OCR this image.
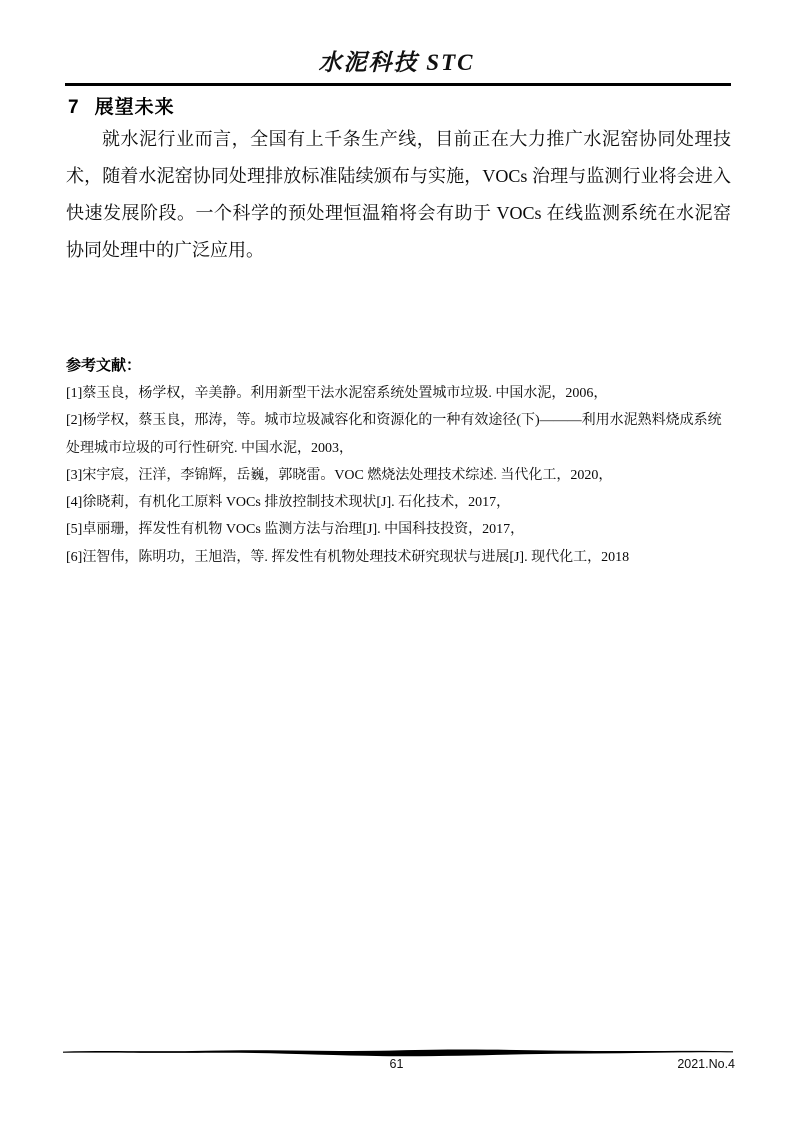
水泥科技 STC
7 展望未来
就水泥行业而言，全国有上千条生产线，目前正在大力推广水泥窑协同处理技术，随着水泥窑协同处理排放标准陆续颁布与实施，VOCs 治理与监测行业将会进入快速发展阶段。一个科学的预处理恒温箱将会有助于 VOCs 在线监测系统在水泥窑协同处理中的广泛应用。
参考文献：
[1]蔡玉良，杨学权，辛美静。利用新型干法水泥窑系统处置城市垃圾. 中国水泥，2006，
[2]杨学权，蔡玉良，邢涛，等。城市垃圾减容化和资源化的一种有效途径(下)———利用水泥熟料烧成系统处理城市垃圾的可行性研究. 中国水泥，2003，
[3]宋宇宸，汪洋，李锦辉，岳巍，郭晓雷。VOC 燃烧法处理技术综述. 当代化工，2020，
[4]徐晓莉，有机化工原料 VOCs 排放控制技术现状[J]. 石化技术，2017，
[5]卓丽珊，挥发性有机物 VOCs 监测方法与治理[J]. 中国科技投资，2017，
[6]汪智伟，陈明功，王旭浩，等. 挥发性有机物处理技术研究现状与进展[J]. 现代化工，2018
61	2021.No.4
